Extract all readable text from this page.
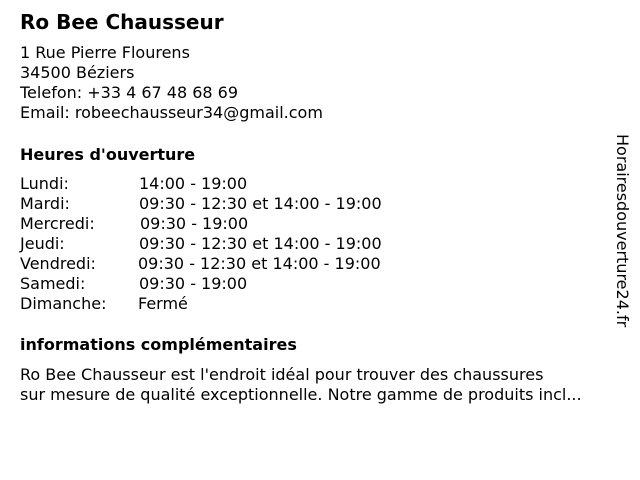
Ro Bee Chausseur
1 Rue Pierre Flourens
34500 Béziers
Telefon: +33 4 67 48 68 69
Email: robeechausseur34@gmail.com
Heures d'ouverture
Lundi:	14:00 - 19:00
Mardi:	09:30 - 12:30 et 14:00 - 19:00
Mercredi:	09:30 - 19:00
Jeudi:	09:30 - 12:30 et 14:00 - 19:00
Vendredi:	09:30 - 12:30 et 14:00 - 19:00
Samedi:	09:30 - 19:00
Dimanche: Fermé
informations complémentaires
Ro Bee Chausseur est l'endroit idéal pour trouver des chaussures
sur mesure de qualité exceptionnelle. Notre gamme de produits incl...
Horairesdouverture24.fr
